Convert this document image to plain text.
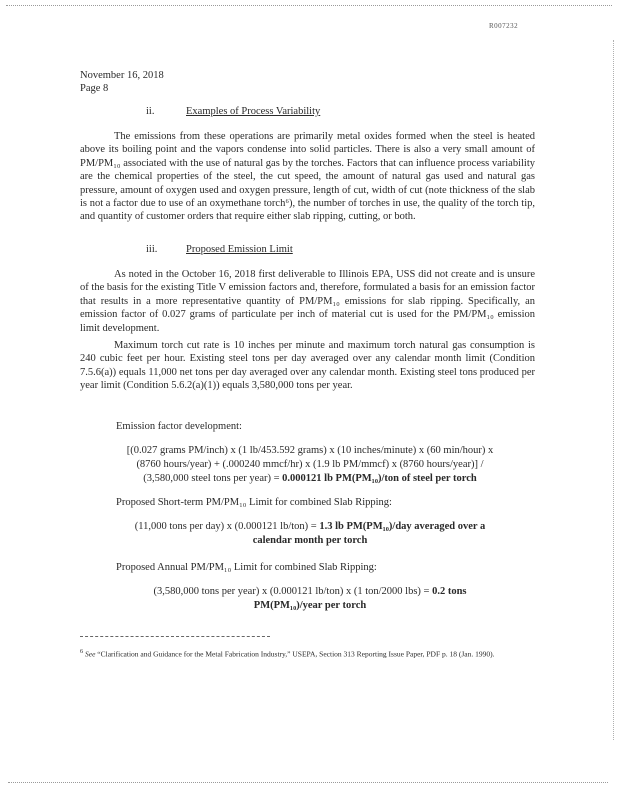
R007232
November 16, 2018
Page 8
ii.	Examples of Process Variability

The emissions from these operations are primarily metal oxides formed when the steel is heated above its boiling point and the vapors condense into solid particles. There is also a very small amount of PM/PM₁₀ associated with the use of natural gas by the torches. Factors that can influence process variability are the chemical properties of the steel, the cut speed, the amount of natural gas used and natural gas pressure, amount of oxygen used and oxygen pressure, length of cut, width of cut (note thickness of the slab is not a factor due to use of an oxymethane torch⁶), the number of torches in use, the quality of the torch tip, and quantity of customer orders that require either slab ripping, cutting, or both.

iii.	Proposed Emission Limit

As noted in the October 16, 2018 first deliverable to Illinois EPA, USS did not create and is unsure of the basis for the existing Title V emission factors and, therefore, formulated a basis for an emission factor that results in a more representative quantity of PM/PM₁₀ emissions for slab ripping. Specifically, an emission factor of 0.027 grams of particulate per inch of material cut is used for the PM/PM₁₀ emission limit development.

Maximum torch cut rate is 10 inches per minute and maximum torch natural gas consumption is 240 cubic feet per hour. Existing steel tons per day averaged over any calendar month limit (Condition 7.5.6(a)) equals 11,000 net tons per day averaged over any calendar month. Existing steel tons produced per year limit (Condition 5.6.2(a)(1)) equals 3,580,000 tons per year.

Emission factor development:
[(0.027 grams PM/inch) x (1 lb/453.592 grams) x (10 inches/minute) x (60 min/hour) x
(8760 hours/year) + (.000240 mmcf/hr) x (1.9 lb PM/mmcf) x (8760 hours/year)] /
(3,580,000 steel tons per year) = 0.000121 lb PM(PM₁₀)/ton of steel per torch
Proposed Short-term PM/PM₁₀ Limit for combined Slab Ripping:
(11,000 tons per day) x (0.000121 lb/ton) = 1.3 lb PM(PM₁₀)/day averaged over a
calendar month per torch
Proposed Annual PM/PM₁₀ Limit for combined Slab Ripping:
(3,580,000 tons per year) x (0.000121 lb/ton) x (1 ton/2000 lbs) = 0.2 tons
PM(PM₁₀)/year per torch
$^6$ See “Clarification and Guidance for the Metal Fabrication Industry,” USEPA, Section 313 Reporting Issue Paper, PDF p. 18 (Jan. 1990).
